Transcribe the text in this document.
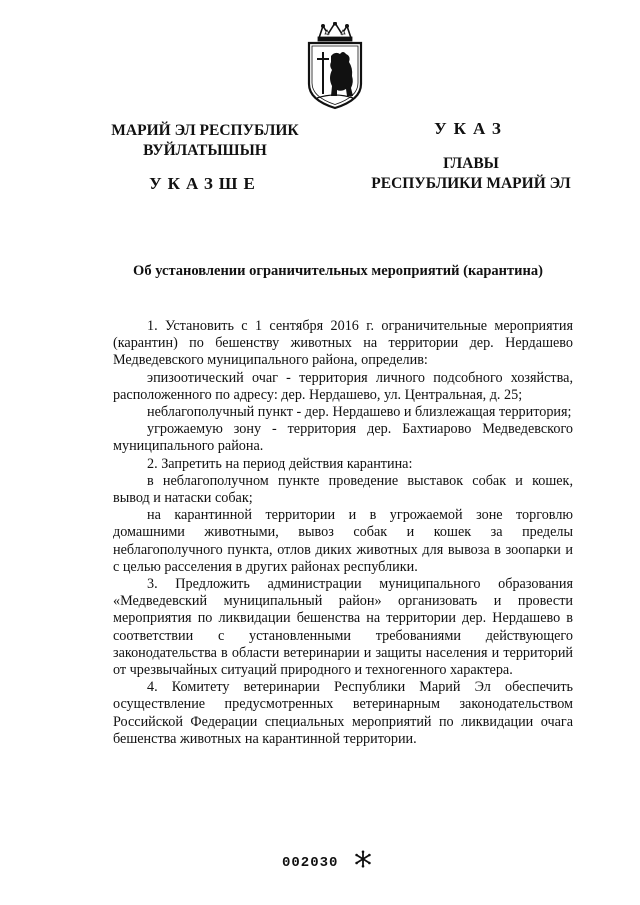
МАРИЙ ЭЛ РЕСПУБЛИК
ВУЙЛАТЫШЫН
УКАЗШЕ
УКАЗ
ГЛАВЫ
РЕСПУБЛИКИ МАРИЙ ЭЛ
Об установлении ограничительных мероприятий (карантина)

1. Установить с 1 сентября 2016 г. ограничительные мероприятия (карантин) по бешенству животных на территории дер. Нердашево Медведевского муниципального района, определив:

эпизоотический очаг - территория личного подсобного хозяйства, расположенного по адресу: дер. Нердашево, ул. Центральная, д. 25;

неблагополучный пункт - дер. Нердашево и близлежащая территория;

угрожаемую зону - территория дер. Бахтиарово Медведевского муниципального района.

2. Запретить на период действия карантина:

в неблагополучном пункте проведение выставок собак и кошек, вывод и натаски собак;

на карантинной территории и в угрожаемой зоне торговлю домашними животными, вывоз собак и кошек за пределы неблагополучного пункта, отлов диких животных для вывоза в зоопарки и с целью расселения в других районах республики.

3. Предложить администрации муниципального образования «Медведевский муниципальный район» организовать и провести мероприятия по ликвидации бешенства на территории дер. Нердашево в соответствии с установленными требованиями действующего законодательства в области ветеринарии и защиты населения и территорий от чрезвычайных ситуаций природного и техногенного характера.

4. Комитету ветеринарии Республики Марий Эл обеспечить осуществление предусмотренных ветеринарным законодательством Российской Федерации специальных мероприятий по ликвидации очага бешенства животных на карантинной территории.

002030
